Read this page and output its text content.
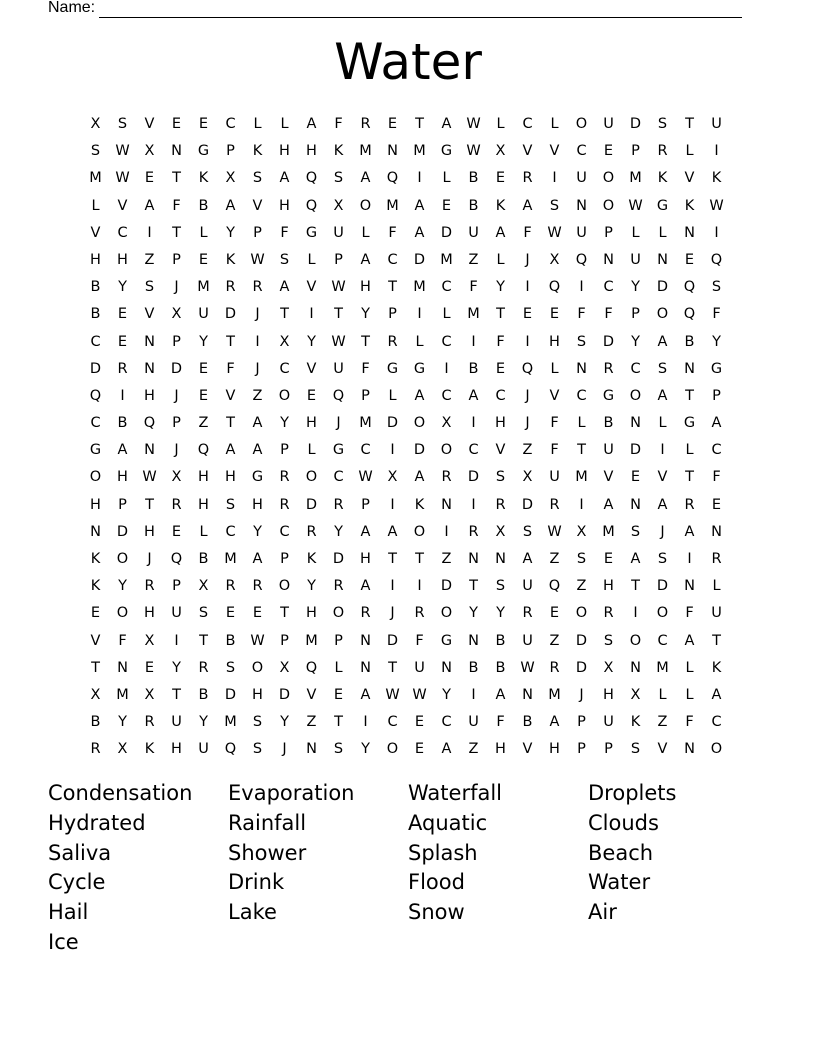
Name:
Water
X	S	V	E	E	C	L	L	A	F	R	E	T	A	W	L	C	L	O	U	D	S	T	U
S	W	X	N	G	P	K	H	H	K	M	N	M	G W	X	V	V	C	E	P	R	L	I
M W	E	T	K	X	S	A	Q	S	A	Q	I	L	B	E	R	I	U	O	M	K	V	K
L	V	A	F	B	A	V	H	Q	X	O	M	A	E	B	K	A	S	N	O W G	K	W
V	C	I	T	L	Y	P	F	G	U	L	F	A	D	U	A	F	W	U	P	L	L	N	I
H	H	Z	P	E	K	W	S	L	P	A	C	D	M	Z	L	J	X	Q	N	U	N	E	Q
B	Y	S	J	M	R	R	A	V	W H	T	M	C	F	Y	I	Q	I	C	Y	D	Q	S
B	E	V	X	U	D	J	T	I	T	Y	P	I	L	M	T	E	E	F	F	P	O	Q	F
C	E	N	P	Y	T	I	X	Y	W	T	R	L	C	I	F	I	H	S	D	Y	A	B	Y
D	R	N	D	E	F	J	C	V	U	F	G	G	I	B	E	Q	L	N	R	C	S	N	G
Q	I	H	J	E	V	Z	O	E	Q	P	L	A	C	A	C	J	V	C	G	O	A	T	P
C	B	Q	P	Z	T	A	Y	H	J	M	D	O	X	I	H	J	F	L	B	N	L	G	A
G	A	N	J	Q	A	A	P	L	G	C	I	D	O	C	V	Z	F	T	U	D	I	L	C
O	H W	X	H	H	G	R	O	C	W	X	A	R	D	S	X	U	M	V	E	V	T	F
H	P	T	R	H	S	H	R	D	R	P	I	K	N	I	R	D	R	I	A	N	A	R	E
N	D	H	E	L	C	Y	C	R	Y	A	A	O	I	R	X	S	W	X	M	S	J	A	N
K	O	J	Q	B	M	A	P	K	D	H	T	T	Z	N	N	A	Z	S	E	A	S	I	R
K	Y	R	P	X	R	R	O	Y	R	A	I	I	D	T	S	U	Q	Z	H	T	D	N	L
E	O	H	U	S	E	E	T	H	O	R	J	R	O	Y	Y	R	E	O	R	I	O	F	U
V	F	X	I	T	B	W	P	M	P	N	D	F	G	N	B	U	Z	D	S	O	C	A	T
T	N	E	Y	R	S	O	X	Q	L	N	T	U	N	B	B	W	R	D	X	N	M	L	K
X	M	X	T	B	D	H	D	V	E	A	W W	Y	I	A	N	M	J	H	X	L	L	A
B	Y	R	U	Y	M	S	Y	Z	T	I	C	E	C	U	F	B	A	P	U	K	Z	F	C
R	X	K	H	U	Q	S	J	N	S	Y	O	E	A	Z	H	V	H	P	P	S	V	N	O
Condensation	Evaporation	Waterfall	Droplets
Hydrated	Rainfall	Aquatic	Clouds
Saliva	Shower	Splash	Beach
Cycle	Drink	Flood	Water
Hail	Lake	Snow	Air
Ice
